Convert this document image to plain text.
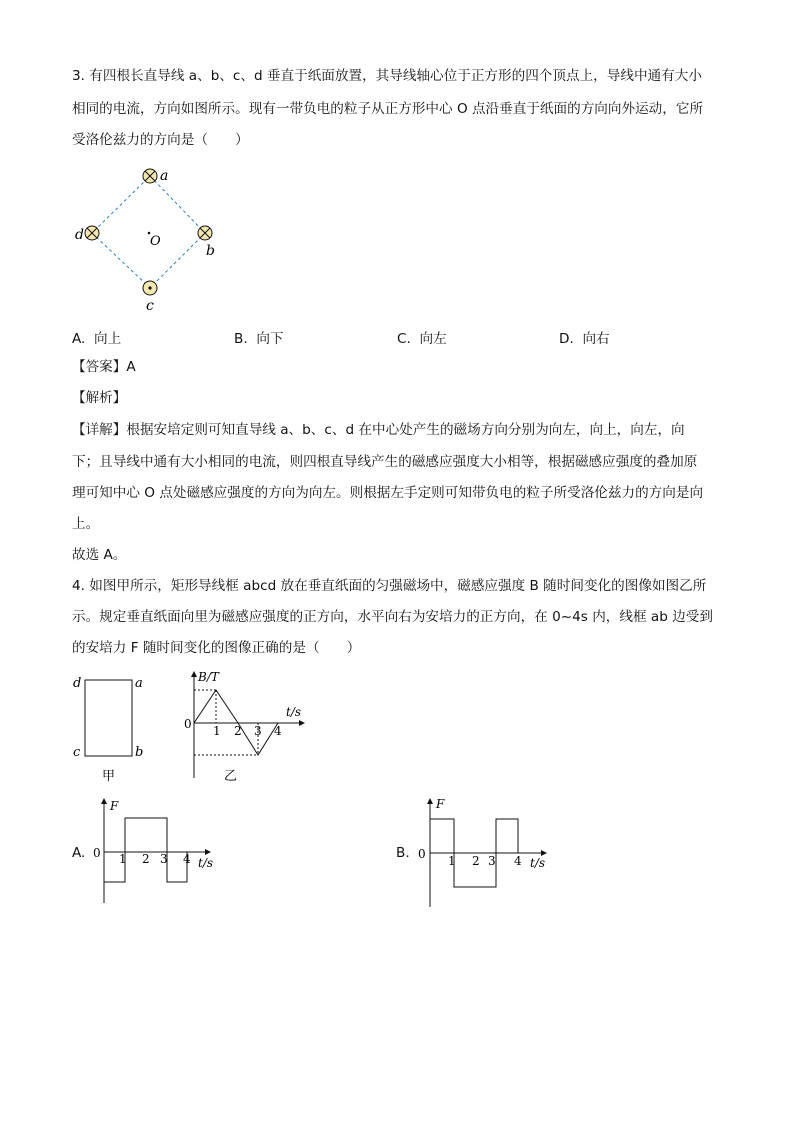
3. 有四根长直导线 a、b、c、d 垂直于纸面放置，其导线轴心位于正方形的四个顶点上，导线中通有大小
相同的电流，方向如图所示。现有一带负电的粒子从正方形中心 O 点沿垂直于纸面的方向向外运动，它所
受洛伦兹力的方向是（　　）
a
b
c
d	O
A. 向上	B. 向下	C. 向左	D. 向右
【答案】A
【解析】
【详解】根据安培定则可知直导线 a、b、c、d 在中心处产生的磁场方向分别为向左，向上，向左，向
下；且导线中通有大小相同的电流，则四根直导线产生的磁感应强度大小相等，根据磁感应强度的叠加原
理可知中心 O 点处磁感应强度的方向为向左。则根据左手定则可知带负电的粒子所受洛伦兹力的方向是向
上。
故选 A。
4. 如图甲所示，矩形导线框 abcd 放在垂直纸面的匀强磁场中，磁感应强度 B 随时间变化的图像如图乙所
示。规定垂直纸面向里为磁感应强度的正方向，水平向右为安培力的正方向，在 0~4s 内，线框 ab 边受到
的安培力 F 随时间变化的图像正确的是（　　）
d	a
c	b
甲
B/T
t/s
0 1 2 3 4
乙
A.
F
0 1 2 3 4 t/s
B.
F
0 1 2 3 4 t/s
